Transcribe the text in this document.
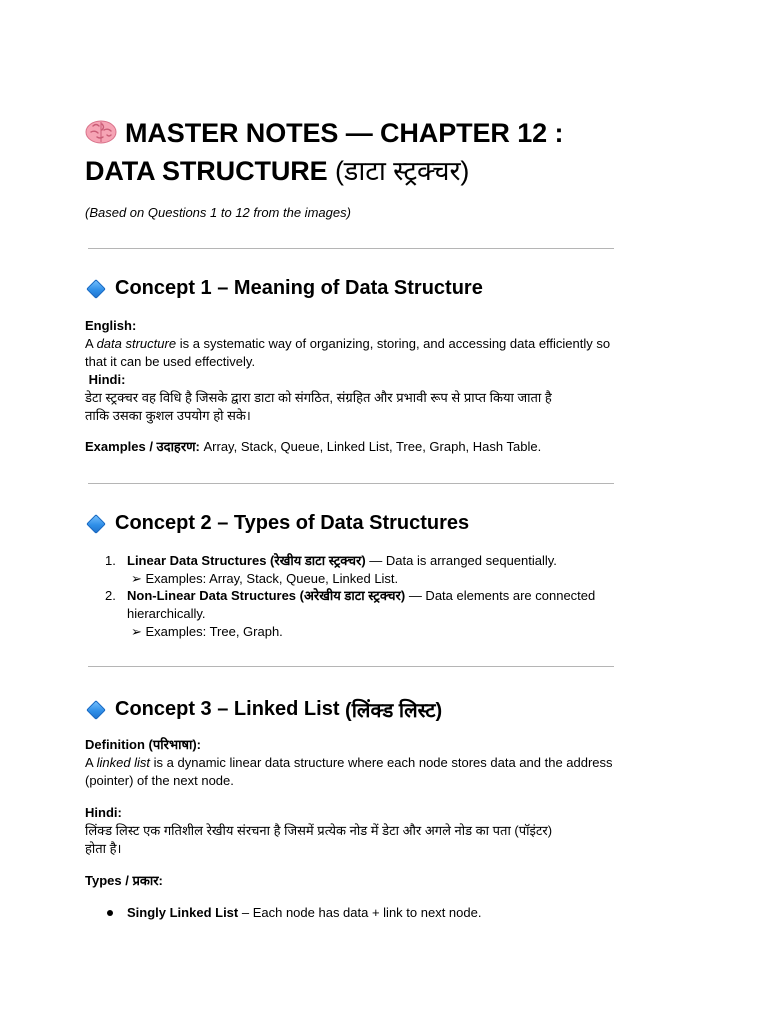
MASTER NOTES — CHAPTER 12 :
DATA STRUCTURE (डाटा स्ट्रक्चर)
(Based on Questions 1 to 12 from the images)
Concept 1 – Meaning of Data Structure
English:
A data structure is a systematic way of organizing, storing, and accessing data efficiently so
that it can be used effectively.
Hindi:
डेटा स्ट्रक्चर वह विधि है जिसके द्वारा डाटा को संगठित, संग्रहित और प्रभावी रूप से प्राप्त किया जाता है
ताकि उसका कुशल उपयोग हो सके।
Examples / उदाहरण: Array, Stack, Queue, Linked List, Tree, Graph, Hash Table.
Concept 2 – Types of Data Structures
1. Linear Data Structures (रेखीय डाटा स्ट्रक्चर) — Data is arranged sequentially.
➢ Examples: Array, Stack, Queue, Linked List.
2. Non-Linear Data Structures (अरेखीय डाटा स्ट्रक्चर) — Data elements are connected
hierarchically.
➢ Examples: Tree, Graph.
Concept 3 – Linked List (लिंक्ड लिस्ट)
Definition (परिभाषा):
A linked list is a dynamic linear data structure where each node stores data and the address
(pointer) of the next node.
Hindi:
लिंक्ड लिस्ट एक गतिशील रेखीय संरचना है जिसमें प्रत्येक नोड में डेटा और अगले नोड का पता (पॉइंटर)
होता है।
Types / प्रकार:
Singly Linked List – Each node has data + link to next node.
